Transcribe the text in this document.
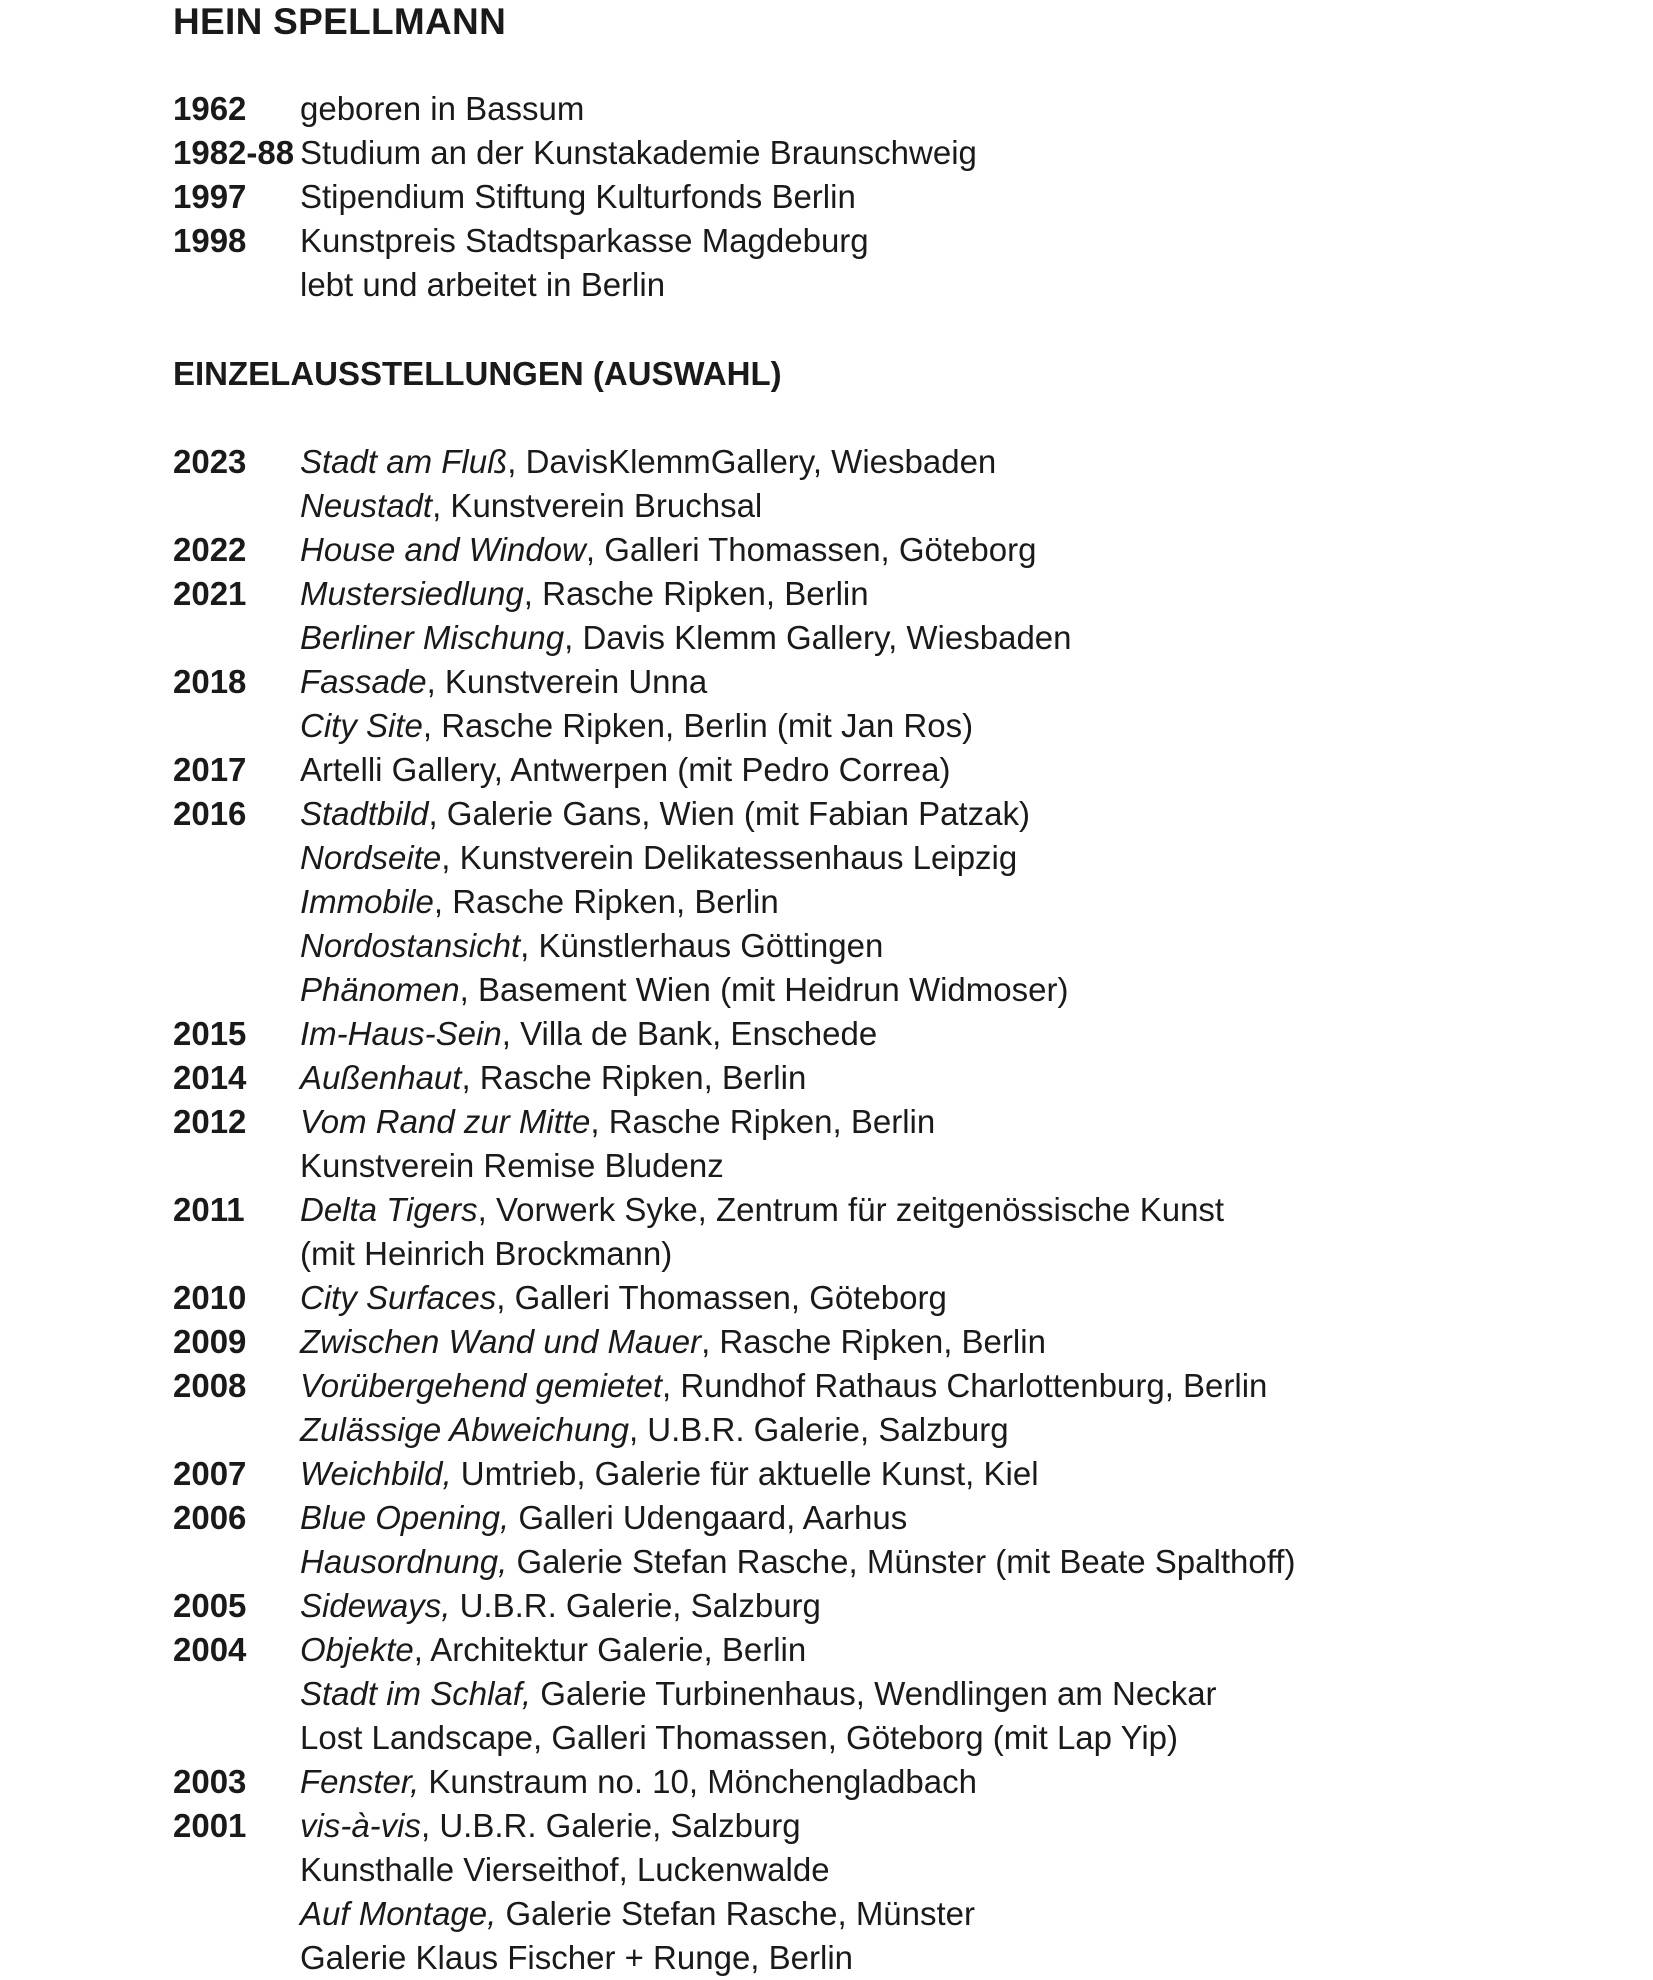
HEIN SPELLMANN
1962	geboren in Bassum
1982-88 Studium an der Kunstakademie Braunschweig
1997	Stipendium Stiftung Kulturfonds Berlin
1998	Kunstpreis Stadtsparkasse Magdeburg
lebt und arbeitet in Berlin
EINZELAUSSTELLUNGEN (AUSWAHL)
2023	Stadt am Fluß, DavisKlemmGallery, Wiesbaden
Neustadt, Kunstverein Bruchsal
2022	House and Window, Galleri Thomassen, Göteborg
2021	Mustersiedlung, Rasche Ripken, Berlin
Berliner Mischung, Davis Klemm Gallery, Wiesbaden
2018	Fassade, Kunstverein Unna
City Site, Rasche Ripken, Berlin (mit Jan Ros)
2017	Artelli Gallery, Antwerpen (mit Pedro Correa)
2016	Stadtbild, Galerie Gans, Wien (mit Fabian Patzak)
Nordseite, Kunstverein Delikatessenhaus Leipzig
Immobile, Rasche Ripken, Berlin
Nordostansicht, Künstlerhaus Göttingen
Phänomen, Basement Wien (mit Heidrun Widmoser)
2015	Im-Haus-Sein, Villa de Bank, Enschede
2014	Außenhaut, Rasche Ripken, Berlin
2012	Vom Rand zur Mitte, Rasche Ripken, Berlin
Kunstverein Remise Bludenz
2011	Delta Tigers, Vorwerk Syke, Zentrum für zeitgenössische Kunst
(mit Heinrich Brockmann)
2010	City Surfaces, Galleri Thomassen, Göteborg
2009	Zwischen Wand und Mauer, Rasche Ripken, Berlin
2008	Vorübergehend gemietet, Rundhof Rathaus Charlottenburg, Berlin
Zulässige Abweichung, U.B.R. Galerie, Salzburg
2007	Weichbild, Umtrieb, Galerie für aktuelle Kunst, Kiel
2006	Blue Opening, Galleri Udengaard, Aarhus
Hausordnung, Galerie Stefan Rasche, Münster (mit Beate Spalthoff)
2005	Sideways, U.B.R. Galerie, Salzburg
2004	Objekte, Architektur Galerie, Berlin
Stadt im Schlaf, Galerie Turbinenhaus, Wendlingen am Neckar
Lost Landscape, Galleri Thomassen, Göteborg (mit Lap Yip)
2003	Fenster, Kunstraum no. 10, Mönchengladbach
2001	vis-à-vis, U.B.R. Galerie, Salzburg
Kunsthalle Vierseithof, Luckenwalde
Auf Montage, Galerie Stefan Rasche, Münster
Galerie Klaus Fischer + Runge, Berlin
